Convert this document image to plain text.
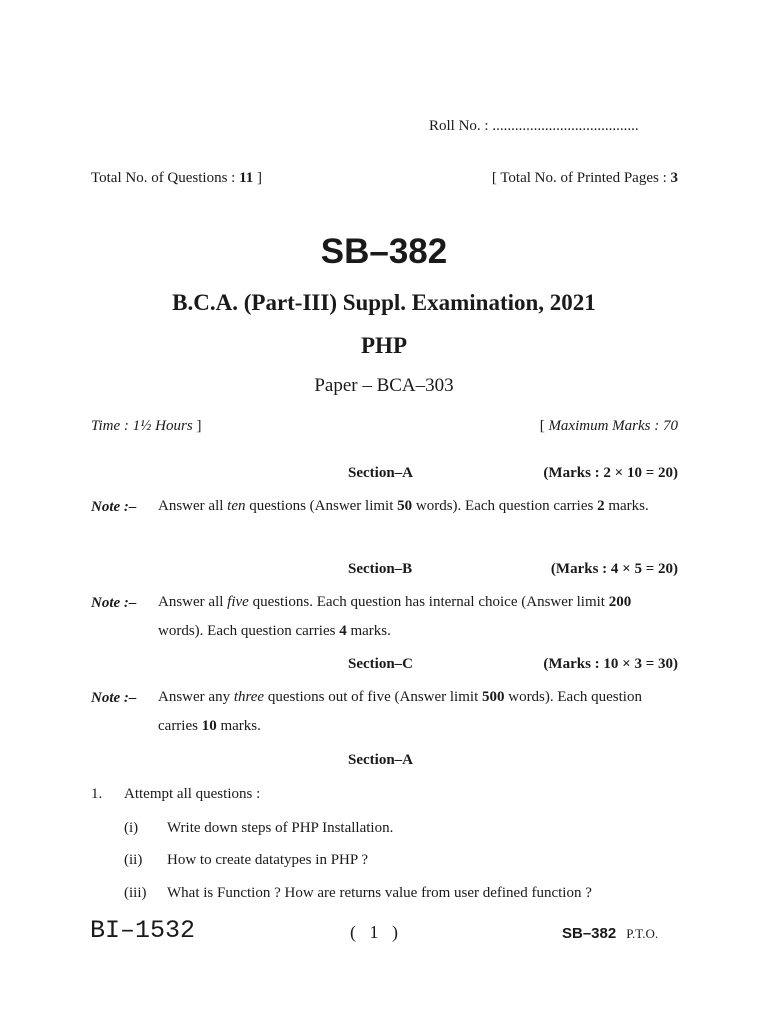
Roll No. : .......................................
Total No. of Questions : 11 ]	[ Total No. of Printed Pages : 3
SB–382
B.C.A. (Part-III) Suppl. Examination, 2021
PHP
Paper – BCA–303
Time : 1½ Hours ]	[ Maximum Marks : 70
Section–A	(Marks : 2 × 10 = 20)
Note :– Answer all ten questions (Answer limit 50 words). Each question carries 2 marks.
Section–B	(Marks : 4 × 5 = 20)
Note :– Answer all five questions. Each question has internal choice (Answer limit 200 words). Each question carries 4 marks.
Section–C	(Marks : 10 × 3 = 30)
Note :– Answer any three questions out of five (Answer limit 500 words). Each question carries 10 marks.
Section–A
1. Attempt all questions :
(i) Write down steps of PHP Installation.
(ii) How to create datatypes in PHP ?
(iii) What is Function ? How are returns value from user defined function ?
BI–1532	(   1   )	SB–382 P.T.O.
